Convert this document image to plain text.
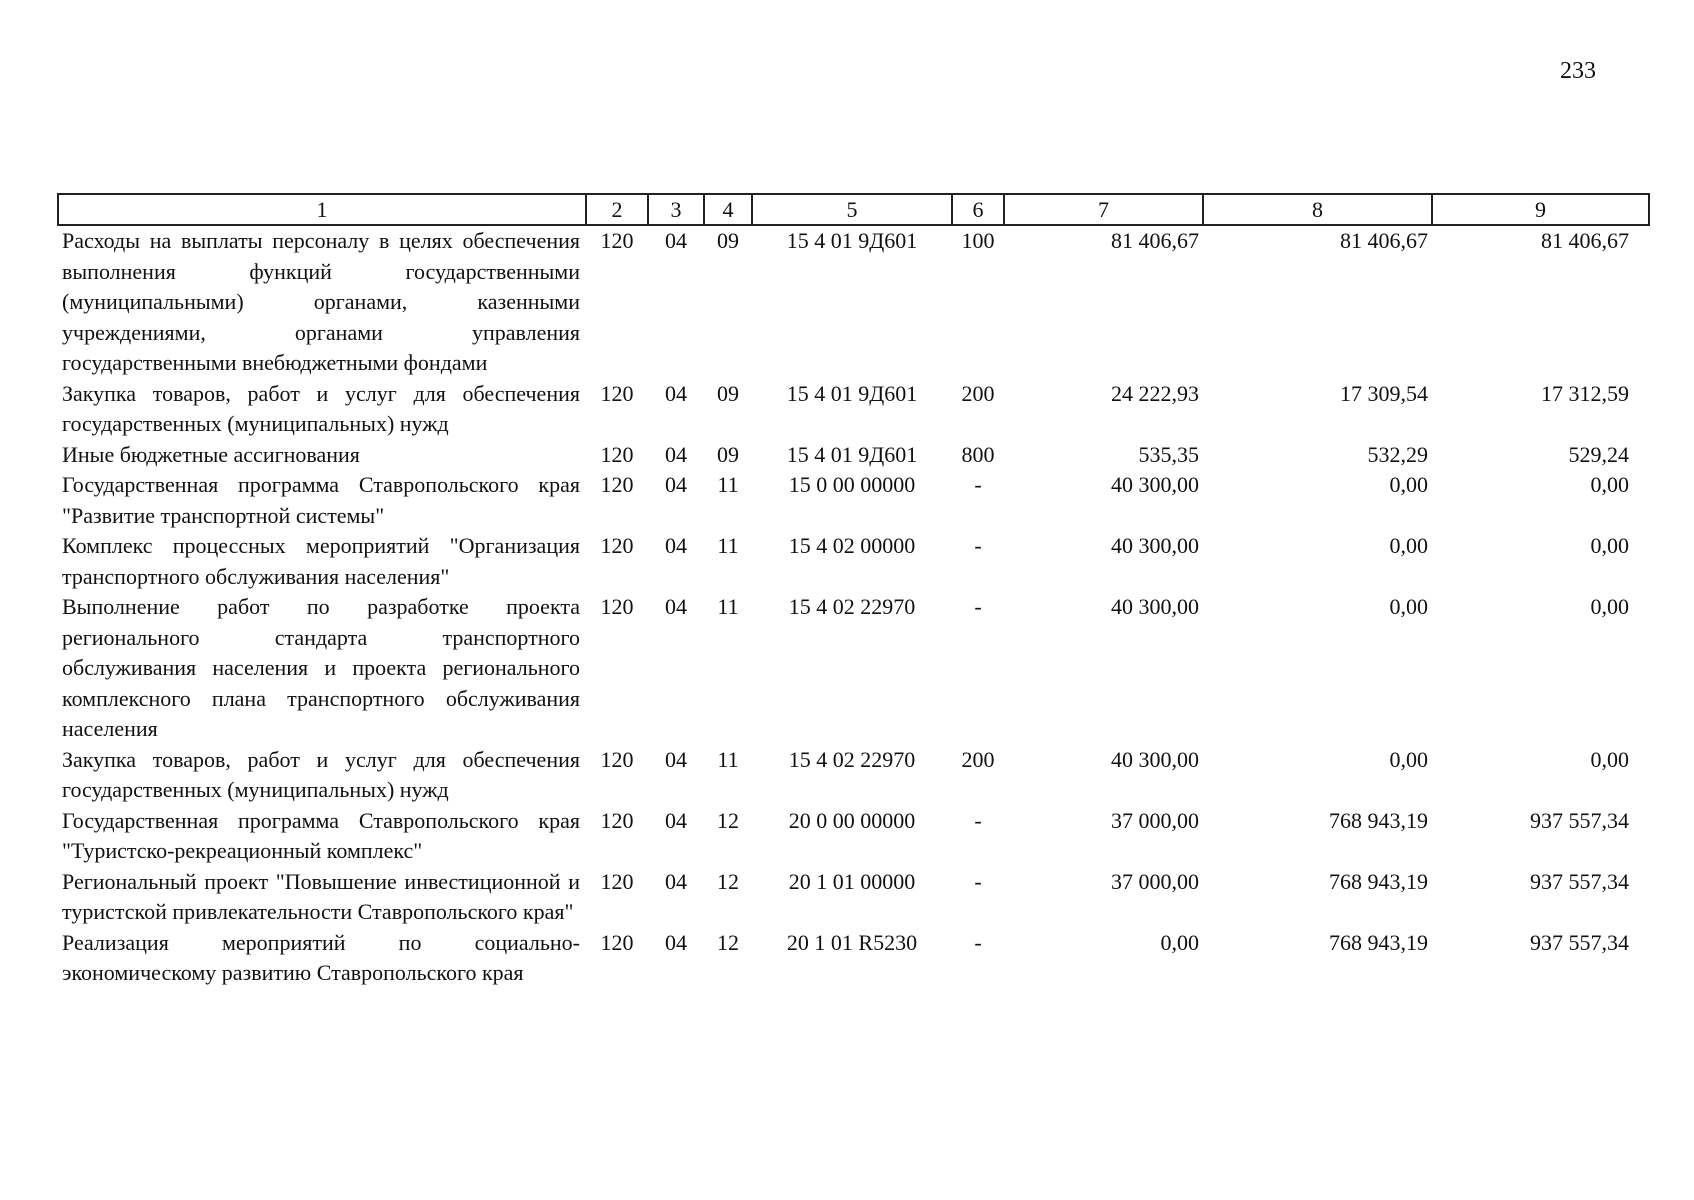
233
1	2	3	4	5	6	7	8	9
Расходы на выплаты персоналу в целях обеспечения выполнения функций государственными (муниципальными) органами, казенными учреждениями, органами управления государственными внебюджетными фондами	120	04	09	15 4 01 9Д601	100	81 406,67	81 406,67	81 406,67
Закупка товаров, работ и услуг для обеспечения государственных (муниципальных) нужд	120	04	09	15 4 01 9Д601	200	24 222,93	17 309,54	17 312,59
Иные бюджетные ассигнования	120	04	09	15 4 01 9Д601	800	535,35	532,29	529,24
Государственная программа Ставропольского края "Развитие транспортной системы"	120	04	11	15 0 00 00000	-	40 300,00	0,00	0,00
Комплекс процессных мероприятий "Организация транспортного обслуживания населения"	120	04	11	15 4 02 00000	-	40 300,00	0,00	0,00
Выполнение работ по разработке проекта регионального стандарта транспортного обслуживания населения и проекта регионального комплексного плана транспортного обслуживания населения	120	04	11	15 4 02 22970	-	40 300,00	0,00	0,00
Закупка товаров, работ и услуг для обеспечения государственных (муниципальных) нужд	120	04	11	15 4 02 22970	200	40 300,00	0,00	0,00
Государственная программа Ставропольского края "Туристско-рекреационный комплекс"	120	04	12	20 0 00 00000	-	37 000,00	768 943,19	937 557,34
Региональный проект "Повышение инвестиционной и туристской привлекательности Ставропольского края"	120	04	12	20 1 01 00000	-	37 000,00	768 943,19	937 557,34
Реализация мероприятий по социально-экономическому развитию Ставропольского края	120	04	12	20 1 01 R5230	-	0,00	768 943,19	937 557,34
